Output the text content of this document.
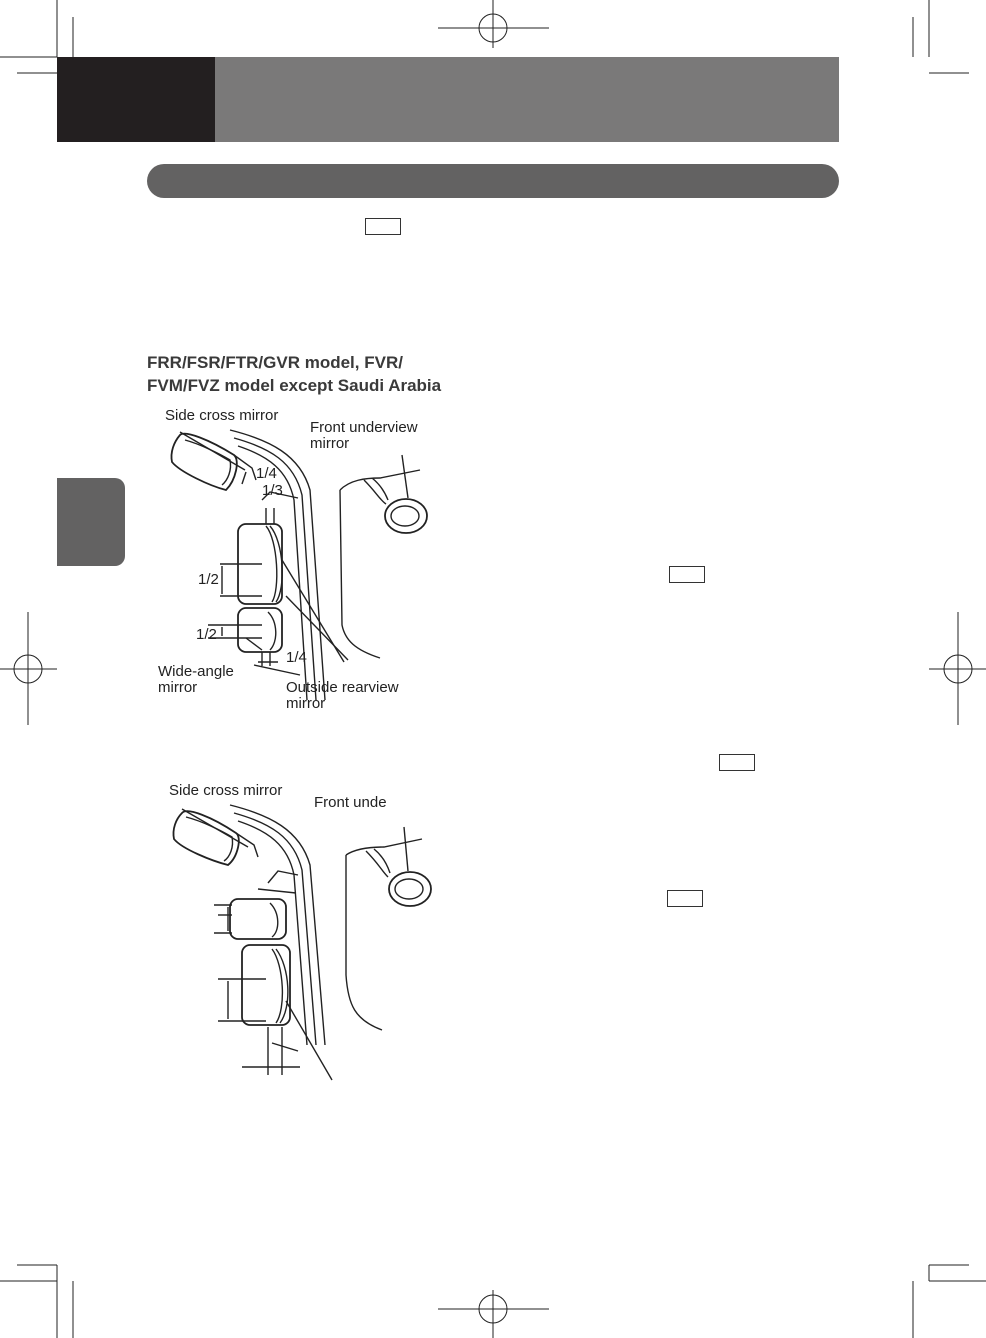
FRR/FSR/FTR/GVR model, FVR/
FVM/FVZ model except Saudi Arabia
Side cross mirror
Front underview
mirror
1/4
1/3
1/2
1/2
1/4
Wide-angle
mirror	Outside rearview
mirror
Side cross mirror
Front unde
